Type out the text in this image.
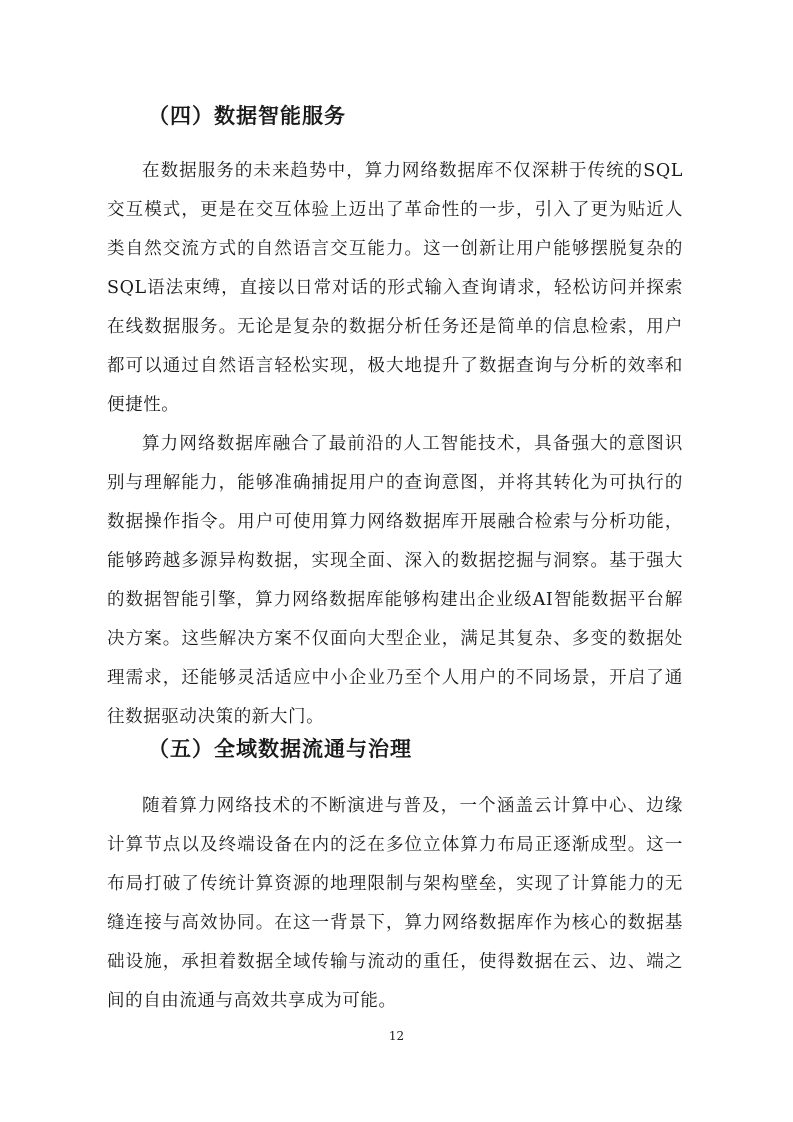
（四）数据智能服务

在数据服务的未来趋势中，算力网络数据库不仅深耕于传统的SQL交互模式，更是在交互体验上迈出了革命性的一步，引入了更为贴近人类自然交流方式的自然语言交互能力。这一创新让用户能够摆脱复杂的SQL语法束缚，直接以日常对话的形式输入查询请求，轻松访问并探索在线数据服务。无论是复杂的数据分析任务还是简单的信息检索，用户都可以通过自然语言轻松实现，极大地提升了数据查询与分析的效率和便捷性。

算力网络数据库融合了最前沿的人工智能技术，具备强大的意图识别与理解能力，能够准确捕捉用户的查询意图，并将其转化为可执行的数据操作指令。用户可使用算力网络数据库开展融合检索与分析功能，能够跨越多源异构数据，实现全面、深入的数据挖掘与洞察。基于强大的数据智能引擎，算力网络数据库能够构建出企业级AI智能数据平台解决方案。这些解决方案不仅面向大型企业，满足其复杂、多变的数据处理需求，还能够灵活适应中小企业乃至个人用户的不同场景，开启了通往数据驱动决策的新大门。

（五）全域数据流通与治理

随着算力网络技术的不断演进与普及，一个涵盖云计算中心、边缘计算节点以及终端设备在内的泛在多位立体算力布局正逐渐成型。这一布局打破了传统计算资源的地理限制与架构壁垒，实现了计算能力的无缝连接与高效协同。在这一背景下，算力网络数据库作为核心的数据基础设施，承担着数据全域传输与流动的重任，使得数据在云、边、端之间的自由流通与高效共享成为可能。

12
